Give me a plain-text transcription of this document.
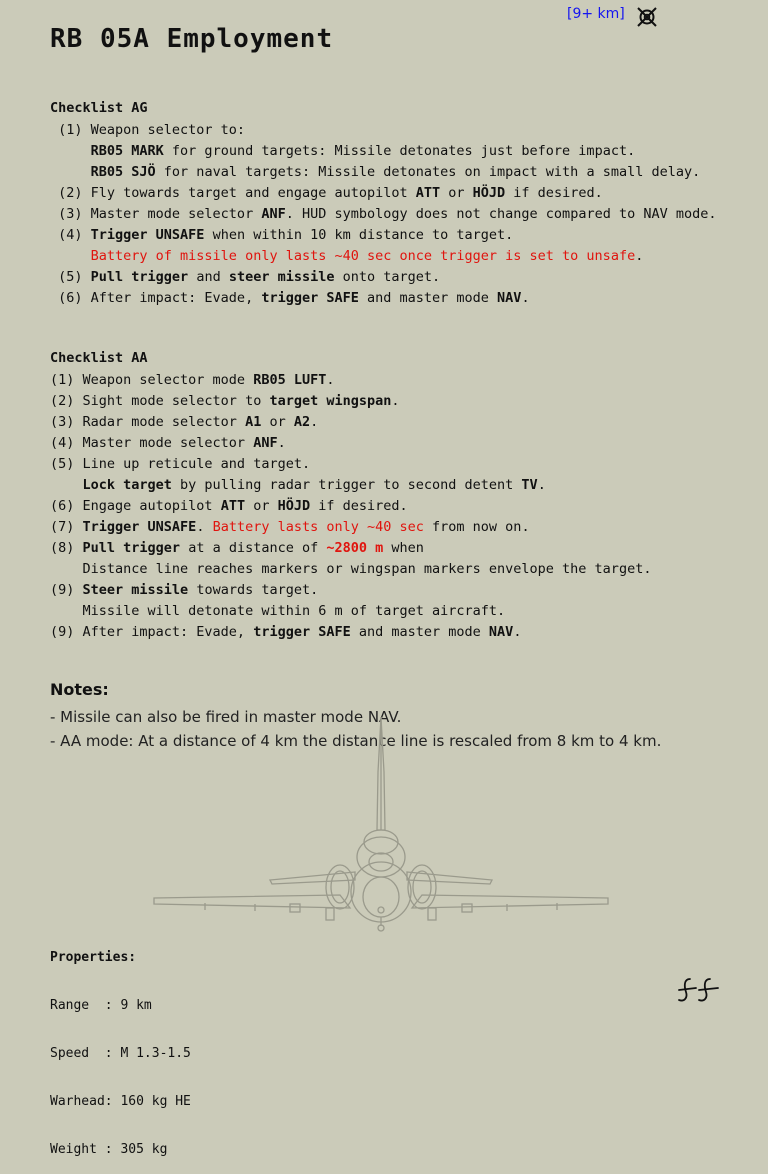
RB 05A Employment
[9+ km]
Checklist AG
(1) Weapon selector to:
RB05 MARK for ground targets: Missile detonates just before impact.
RB05 SJÖ for naval targets: Missile detonates on impact with a small delay.
(2) Fly towards target and engage autopilot ATT or HÖJD if desired.
(3) Master mode selector ANF. HUD symbology does not change compared to NAV mode.
(4) Trigger UNSAFE when within 10 km distance to target.
Battery of missile only lasts ~40 sec once trigger is set to unsafe.
(5) Pull trigger and steer missile onto target.
(6) After impact: Evade, trigger SAFE and master mode NAV.
Checklist AA
(1) Weapon selector mode RB05 LUFT.
(2) Sight mode selector to target wingspan.
(3) Radar mode selector A1 or A2.
(4) Master mode selector ANF.
(5) Line up reticule and target.
Lock target by pulling radar trigger to second detent TV.
(6) Engage autopilot ATT or HÖJD if desired.
(7) Trigger UNSAFE. Battery lasts only ~40 sec from now on.
(8) Pull trigger at a distance of ~2800 m when
Distance line reaches markers or wingspan markers envelope the target.
(9) Steer missile towards target.
Missile will detonate within 6 m of target aircraft.
(9) After impact: Evade, trigger SAFE and master mode NAV.
Notes:
- Missile can also be fired in master mode NAV.
- AA mode: At a distance of 4 km the distance line is rescaled from 8 km to 4 km.

Properties:

Range  : 9 km

Speed  : M 1.3-1.5

Warhead: 160 kg HE

Weight : 305 kg
